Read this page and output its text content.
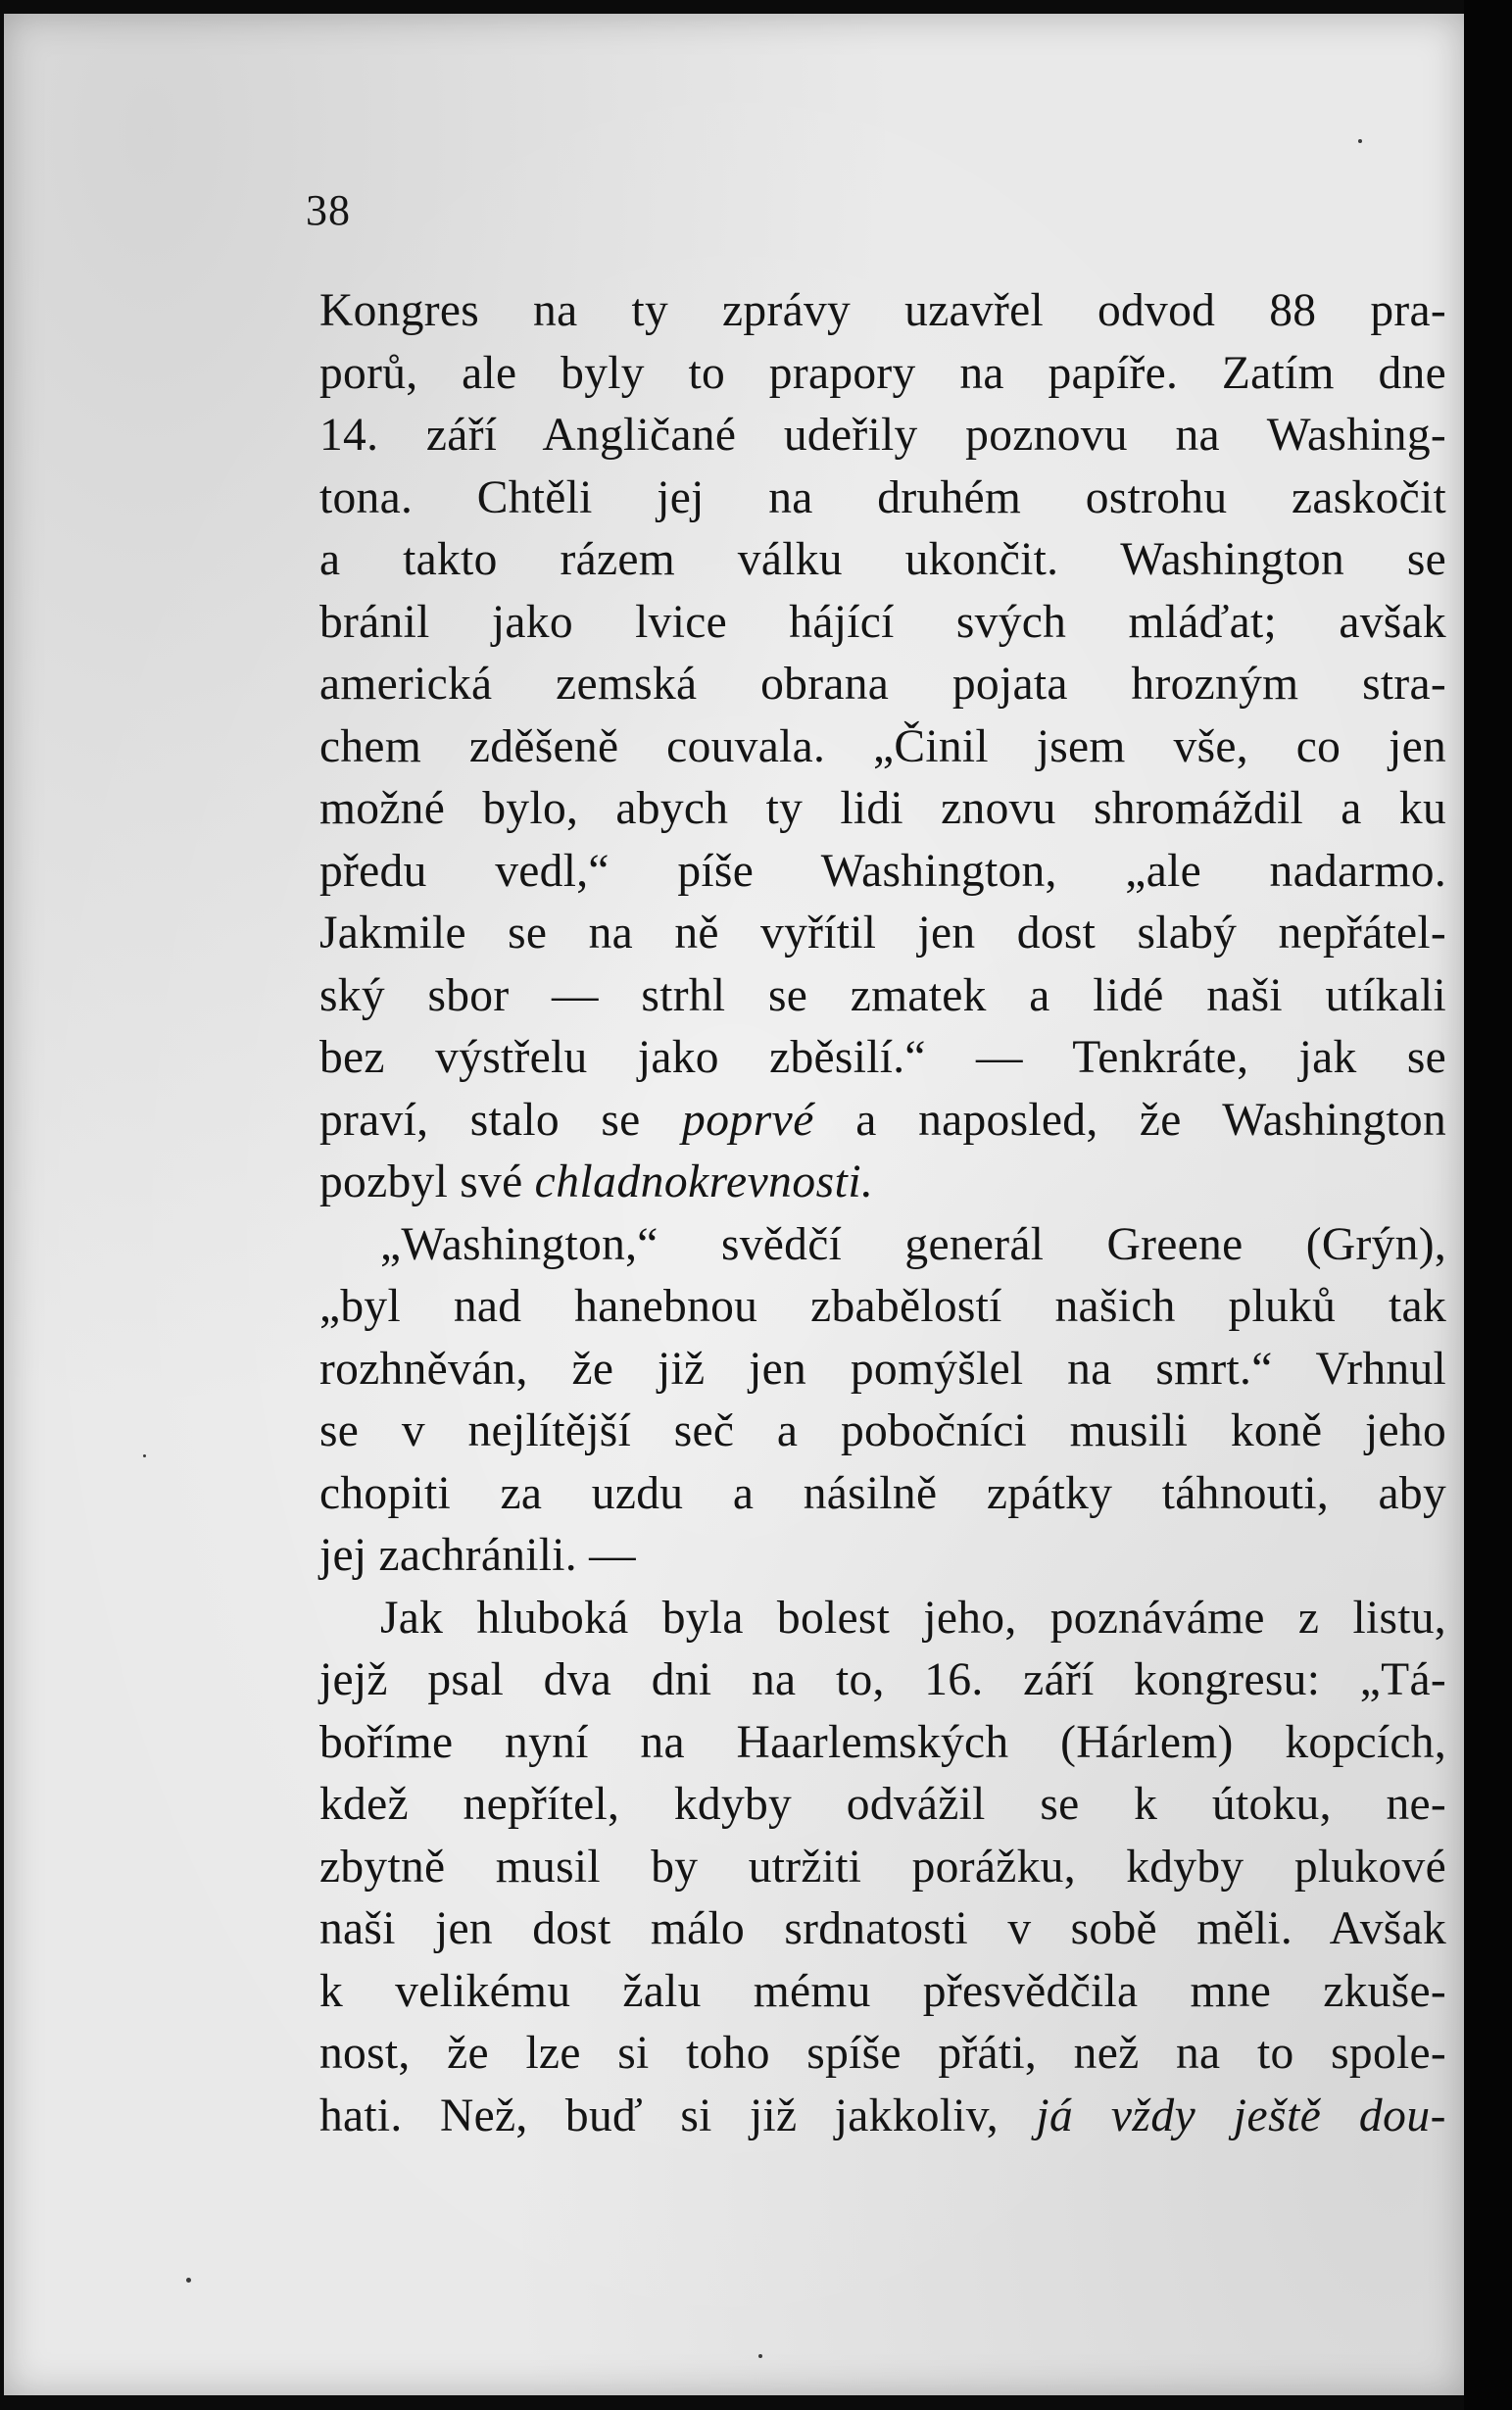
38
Kongres na ty zprávy uzavřel odvod 88 pra-
porů, ale byly to prapory na papíře. Zatím dne
14. září Angličané udeřily poznovu na Washing-
tona. Chtěli jej na druhém ostrohu zaskočit
a takto rázem válku ukončit. Washington se
bránil jako lvice hájící svých mláďat; avšak
americká zemská obrana pojata hrozným stra-
chem zděšeně couvala. „Činil jsem vše, co jen
možné bylo, abych ty lidi znovu shromáždil a ku
předu vedl,“ píše Washington, „ale nadarmo.
Jakmile se na ně vyřítil jen dost slabý nepřátel-
ský sbor — strhl se zmatek a lidé naši utíkali
bez výstřelu jako zběsilí.“ — Tenkráte, jak se
praví, stalo se poprvé a naposled, že Washington
pozbyl své chladnokrevnosti.
„Washington,“ svědčí generál Greene (Grýn),
„byl nad hanebnou zbabělostí našich pluků tak
rozhněván, že již jen pomýšlel na smrt.“ Vrhnul
se v nejlítější seč a pobočníci musili koně jeho
chopiti za uzdu a násilně zpátky táhnouti, aby
jej zachránili. —
Jak hluboká byla bolest jeho, poznáváme z listu,
jejž psal dva dni na to, 16. září kongresu: „Tá-
boříme nyní na Haarlemských (Hárlem) kopcích,
kdež nepřítel, kdyby odvážil se k útoku, ne-
zbytně musil by utržiti porážku, kdyby plukové
naši jen dost málo srdnatosti v sobě měli. Avšak
k velikému žalu mému přesvědčila mne zkuše-
nost, že lze si toho spíše přáti, než na to spole-
hati. Než, buď si již jakkoliv, já vždy ještě dou-
